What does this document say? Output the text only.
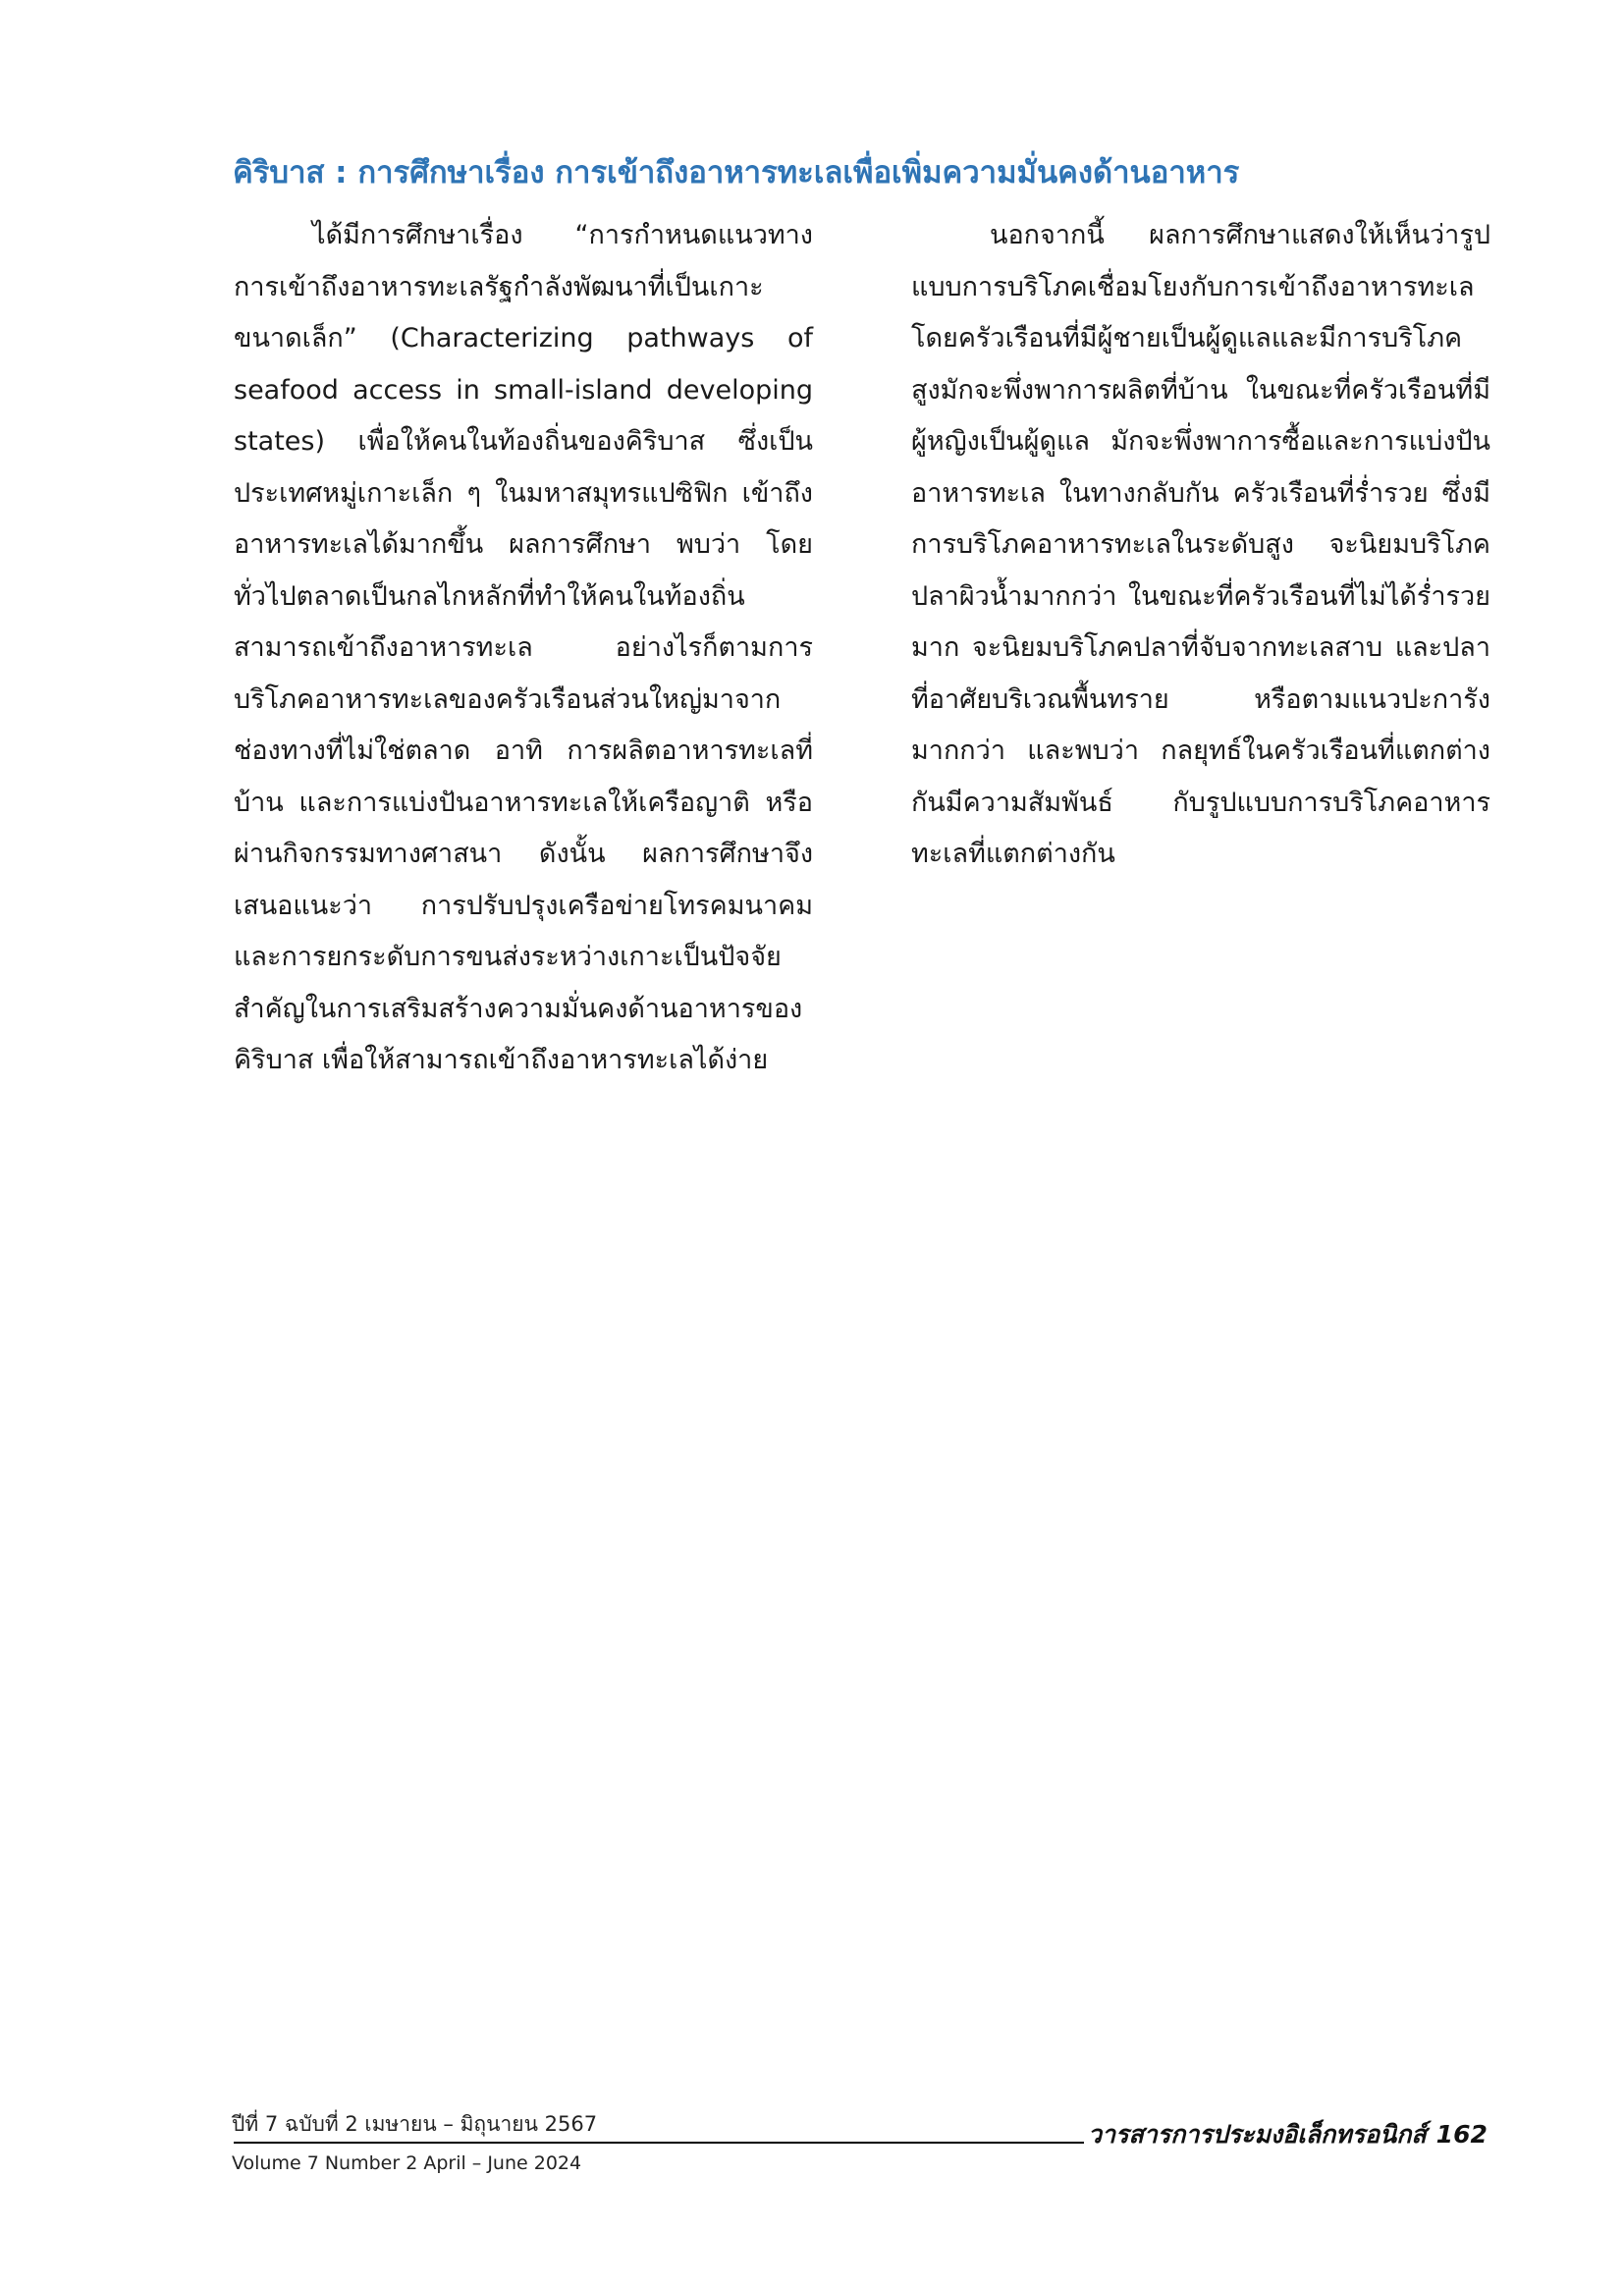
คิริบาส : การศึกษาเรื่อง การเข้าถึงอาหารทะเลเพื่อเพิ่มความมั่นคงด้านอาหาร

ได้มีการศึกษาเรื่อง “การกำหนดแนวทางการเข้าถึงอาหารทะเลรัฐกำลังพัฒนาที่เป็นเกาะขนาดเล็ก” (Characterizing pathways of seafood access in small-island developing states) เพื่อให้คนในท้องถิ่นของคิริบาส ซึ่งเป็นประเทศหมู่เกาะเล็ก ๆ ในมหาสมุทรแปซิฟิก เข้าถึงอาหารทะเลได้มากขึ้น ผลการศึกษา พบว่า โดยทั่วไปตลาดเป็นกลไกหลักที่ทำให้คนในท้องถิ่นสามารถเข้าถึงอาหารทะเล อย่างไรก็ตามการบริโภคอาหารทะเลของครัวเรือนส่วนใหญ่มาจากช่องทางที่ไม่ใช่ตลาด อาทิ การผลิตอาหารทะเลที่บ้าน และการแบ่งปันอาหารทะเลให้เครือญาติ หรือผ่านกิจกรรมทางศาสนา ดังนั้น ผลการศึกษาจึงเสนอแนะว่า การปรับปรุงเครือข่ายโทรคมนาคม และการยกระดับการขนส่งระหว่างเกาะเป็นปัจจัยสำคัญในการเสริมสร้างความมั่นคงด้านอาหารของคิริบาส เพื่อให้สามารถเข้าถึงอาหารทะเลได้ง่าย

นอกจากนี้ ผลการศึกษาแสดงให้เห็นว่ารูปแบบการบริโภคเชื่อมโยงกับการเข้าถึงอาหารทะเล โดยครัวเรือนที่มีผู้ชายเป็นผู้ดูแลและมีการบริโภคสูงมักจะพึ่งพาการผลิตที่บ้าน ในขณะที่ครัวเรือนที่มีผู้หญิงเป็นผู้ดูแล มักจะพึ่งพาการซื้อและการแบ่งปันอาหารทะเล ในทางกลับกัน ครัวเรือนที่ร่ำรวย ซึ่งมีการบริโภคอาหารทะเลในระดับสูง จะนิยมบริโภคปลาผิวน้ำมากกว่า ในขณะที่ครัวเรือนที่ไม่ได้ร่ำรวยมาก จะนิยมบริโภคปลาที่จับจากทะเลสาบ และปลาที่อาศัยบริเวณพื้นทราย หรือตามแนวปะการังมากกว่า และพบว่า กลยุทธ์ในครัวเรือนที่แตกต่างกันมีความสัมพันธ์ กับรูปแบบการบริโภคอาหารทะเลที่แตกต่างกัน

ปีที่ 7 ฉบับที่ 2 เมษายน – มิถุนายน 2567
Volume 7 Number 2 April – June 2024
วารสารการประมงอิเล็กทรอนิกส์ 162
